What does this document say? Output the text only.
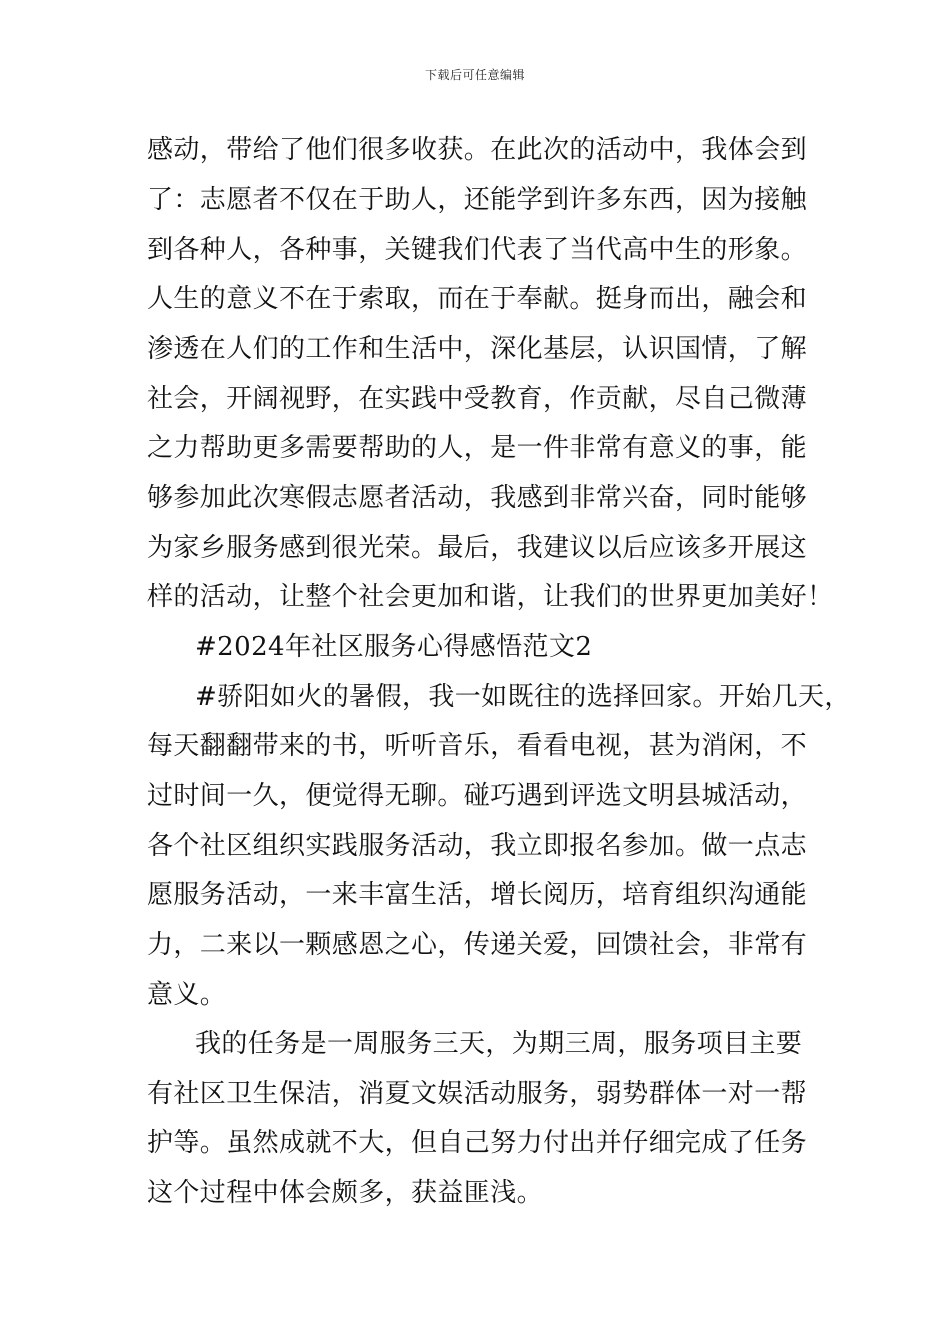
下载后可任意编辑
感动，带给了他们很多收获。在此次的活动中，我体会到
了：志愿者不仅在于助人，还能学到许多东西，因为接触
到各种人，各种事，关键我们代表了当代高中生的形象。
人生的意义不在于索取，而在于奉献。挺身而出，融会和
渗透在人们的工作和生活中，深化基层，认识国情，了解
社会，开阔视野，在实践中受教育，作贡献，尽自己微薄
之力帮助更多需要帮助的人，是一件非常有意义的事，能
够参加此次寒假志愿者活动，我感到非常兴奋，同时能够
为家乡服务感到很光荣。最后，我建议以后应该多开展这
样的活动，让整个社会更加和谐，让我们的世界更加美好！
#2024年社区服务心得感悟范文2
#骄阳如火的暑假，我一如既往的选择回家。开始几天，
每天翻翻带来的书，听听音乐，看看电视，甚为消闲，不
过时间一久，便觉得无聊。碰巧遇到评选文明县城活动，
各个社区组织实践服务活动，我立即报名参加。做一点志
愿服务活动，一来丰富生活，增长阅历，培育组织沟通能
力，二来以一颗感恩之心，传递关爱，回馈社会，非常有
意义。
我的任务是一周服务三天，为期三周，服务项目主要
有社区卫生保洁，消夏文娱活动服务，弱势群体一对一帮
护等。虽然成就不大，但自己努力付出并仔细完成了任务
这个过程中体会颇多，获益匪浅。
